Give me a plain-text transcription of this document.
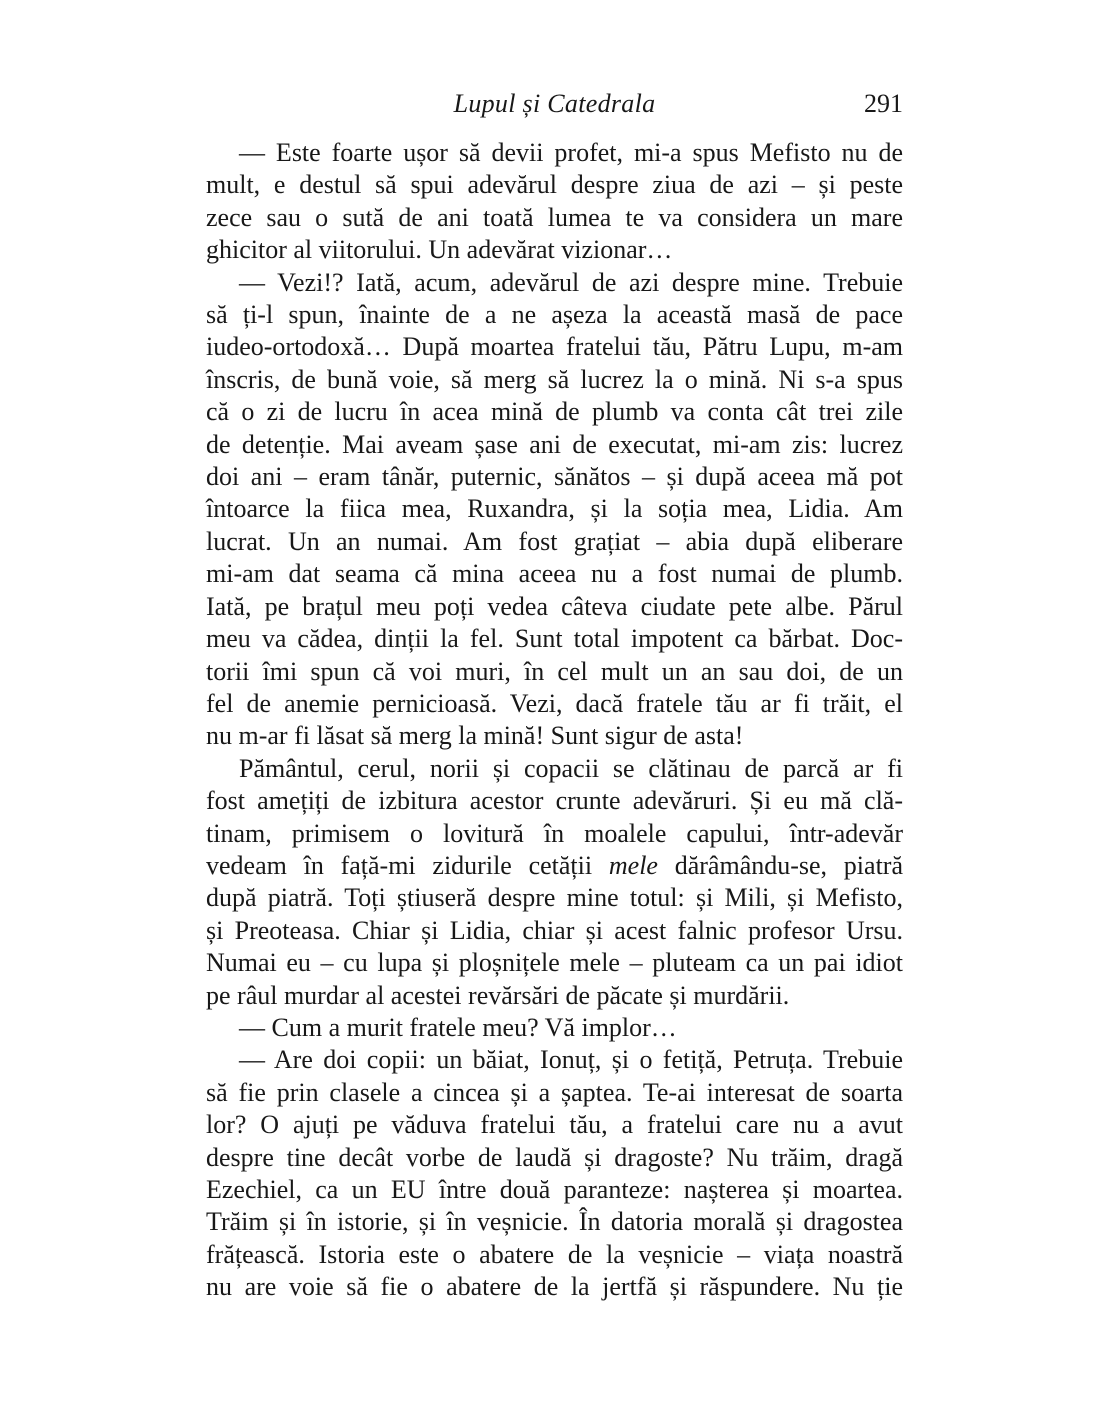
Lupul și Catedrala	291
— Este foarte ușor să devii profet, mi-a spus Mefisto nu de
mult, e destul să spui adevărul despre ziua de azi – și peste
zece sau o sută de ani toată lumea te va considera un mare
ghicitor al viitorului. Un adevărat vizionar…
— Vezi!? Iată, acum, adevărul de azi despre mine. Trebuie
să ți-l spun, înainte de a ne așeza la această masă de pace
iudeo-ortodoxă… După moartea fratelui tău, Pătru Lupu, m-am
înscris, de bună voie, să merg să lucrez la o mină. Ni s-a spus
că o zi de lucru în acea mină de plumb va conta cât trei zile
de detenție. Mai aveam șase ani de executat, mi-am zis: lucrez
doi ani – eram tânăr, puternic, sănătos – și după aceea mă pot
întoarce la fiica mea, Ruxandra, și la soția mea, Lidia. Am
lucrat. Un an numai. Am fost grațiat – abia după eliberare
mi-am dat seama că mina aceea nu a fost numai de plumb.
Iată, pe brațul meu poți vedea câteva ciudate pete albe. Părul
meu va cădea, dinții la fel. Sunt total impotent ca bărbat. Doc-
torii îmi spun că voi muri, în cel mult un an sau doi, de un
fel de anemie pernicioasă. Vezi, dacă fratele tău ar fi trăit, el
nu m-ar fi lăsat să merg la mină! Sunt sigur de asta!
Pământul, cerul, norii și copacii se clătinau de parcă ar fi
fost amețiți de izbitura acestor crunte adevăruri. Și eu mă clă-
tinam, primisem o lovitură în moalele capului, într-adevăr
vedeam în față-mi zidurile cetății mele dărâmându-se, piatră
după piatră. Toți știuseră despre mine totul: și Mili, și Mefisto,
și Preoteasa. Chiar și Lidia, chiar și acest falnic profesor Ursu.
Numai eu – cu lupa și ploșnițele mele – pluteam ca un pai idiot
pe râul murdar al acestei revărsări de păcate și murdării.
— Cum a murit fratele meu? Vă implor…
— Are doi copii: un băiat, Ionuț, și o fetiță, Petruța. Trebuie
să fie prin clasele a cincea și a șaptea. Te-ai interesat de soarta
lor? O ajuți pe văduva fratelui tău, a fratelui care nu a avut
despre tine decât vorbe de laudă și dragoste? Nu trăim, dragă
Ezechiel, ca un EU între două paranteze: nașterea și moartea.
Trăim și în istorie, și în veșnicie. În datoria morală și dragostea
frățească. Istoria este o abatere de la veșnicie – viața noastră
nu are voie să fie o abatere de la jertfă și răspundere. Nu ție
